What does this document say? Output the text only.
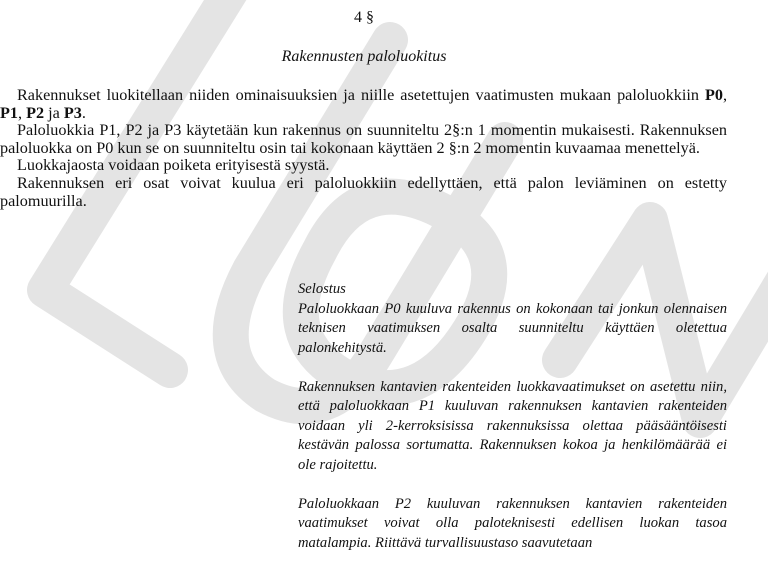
4 §
Rakennusten paloluokitus

Rakennukset luokitellaan niiden ominaisuuksien ja niille asetettujen vaatimusten mukaan paloluokkiin P0, P1, P2 ja P3.

Paloluokkia P1, P2 ja P3 käytetään kun rakennus on suunniteltu 2§:n 1 momentin mukaisesti. Rakennuksen paloluokka on P0 kun se on suunniteltu osin tai kokonaan käyttäen 2 §:n 2 momentin kuvaamaa menettelyä.

Luokkajaosta voidaan poiketa erityisestä syystä.

Rakennuksen eri osat voivat kuulua eri paloluokkiin edellyttäen, että palon leviäminen on estetty palomuurilla.

Selostus

Paloluokkaan P0 kuuluva rakennus on kokonaan tai jonkun olennaisen teknisen vaatimuksen osalta suunniteltu käyttäen oletettua palonkehitystä.

Rakennuksen kantavien rakenteiden luokkavaatimukset on asetettu niin, että paloluokkaan P1 kuuluvan rakennuksen kantavien rakenteiden voidaan yli 2-kerroksisissa rakennuksissa olettaa pääsääntöisesti kestävän palossa sortumatta. Rakennuksen kokoa ja henkilömäärää ei ole rajoitettu.

Paloluokkaan P2 kuuluvan rakennuksen kantavien rakenteiden vaatimukset voivat olla paloteknisesti edellisen luokan tasoa matalampia. Riittävä turvallisuustaso saavutetaan
